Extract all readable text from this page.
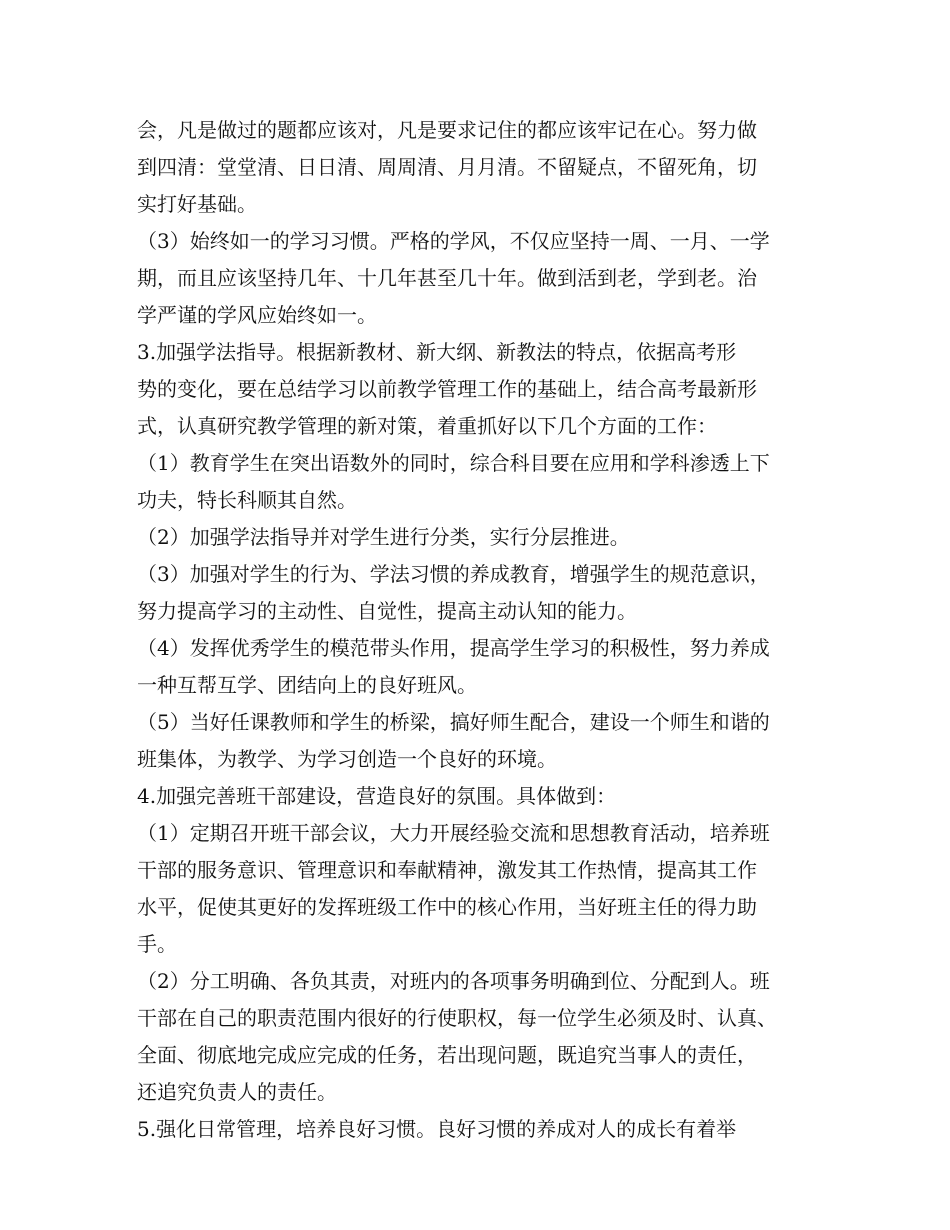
会，凡是做过的题都应该对，凡是要求记住的都应该牢记在心。努力做
到四清：堂堂清、日日清、周周清、月月清。不留疑点，不留死角，切
实打好基础。
（3）始终如一的学习习惯。严格的学风，不仅应坚持一周、一月、一学
期，而且应该坚持几年、十几年甚至几十年。做到活到老，学到老。治
学严谨的学风应始终如一。
3.加强学法指导。根据新教材、新大纲、新教法的特点，依据高考形
势的变化，要在总结学习以前教学管理工作的基础上，结合高考最新形
式，认真研究教学管理的新对策，着重抓好以下几个方面的工作：
（1）教育学生在突出语数外的同时，综合科目要在应用和学科渗透上下
功夫，特长科顺其自然。
（2）加强学法指导并对学生进行分类，实行分层推进。
（3）加强对学生的行为、学法习惯的养成教育，增强学生的规范意识，
努力提高学习的主动性、自觉性，提高主动认知的能力。
（4）发挥优秀学生的模范带头作用，提高学生学习的积极性，努力养成
一种互帮互学、团结向上的良好班风。
（5）当好任课教师和学生的桥梁，搞好师生配合，建设一个师生和谐的
班集体，为教学、为学习创造一个良好的环境。
4.加强完善班干部建设，营造良好的氛围。具体做到：
（1）定期召开班干部会议，大力开展经验交流和思想教育活动，培养班
干部的服务意识、管理意识和奉献精神，激发其工作热情，提高其工作
水平，促使其更好的发挥班级工作中的核心作用，当好班主任的得力助
手。
（2）分工明确、各负其责，对班内的各项事务明确到位、分配到人。班
干部在自己的职责范围内很好的行使职权，每一位学生必须及时、认真、
全面、彻底地完成应完成的任务，若出现问题，既追究当事人的责任，
还追究负责人的责任。
5.强化日常管理，培养良好习惯。良好习惯的养成对人的成长有着举
